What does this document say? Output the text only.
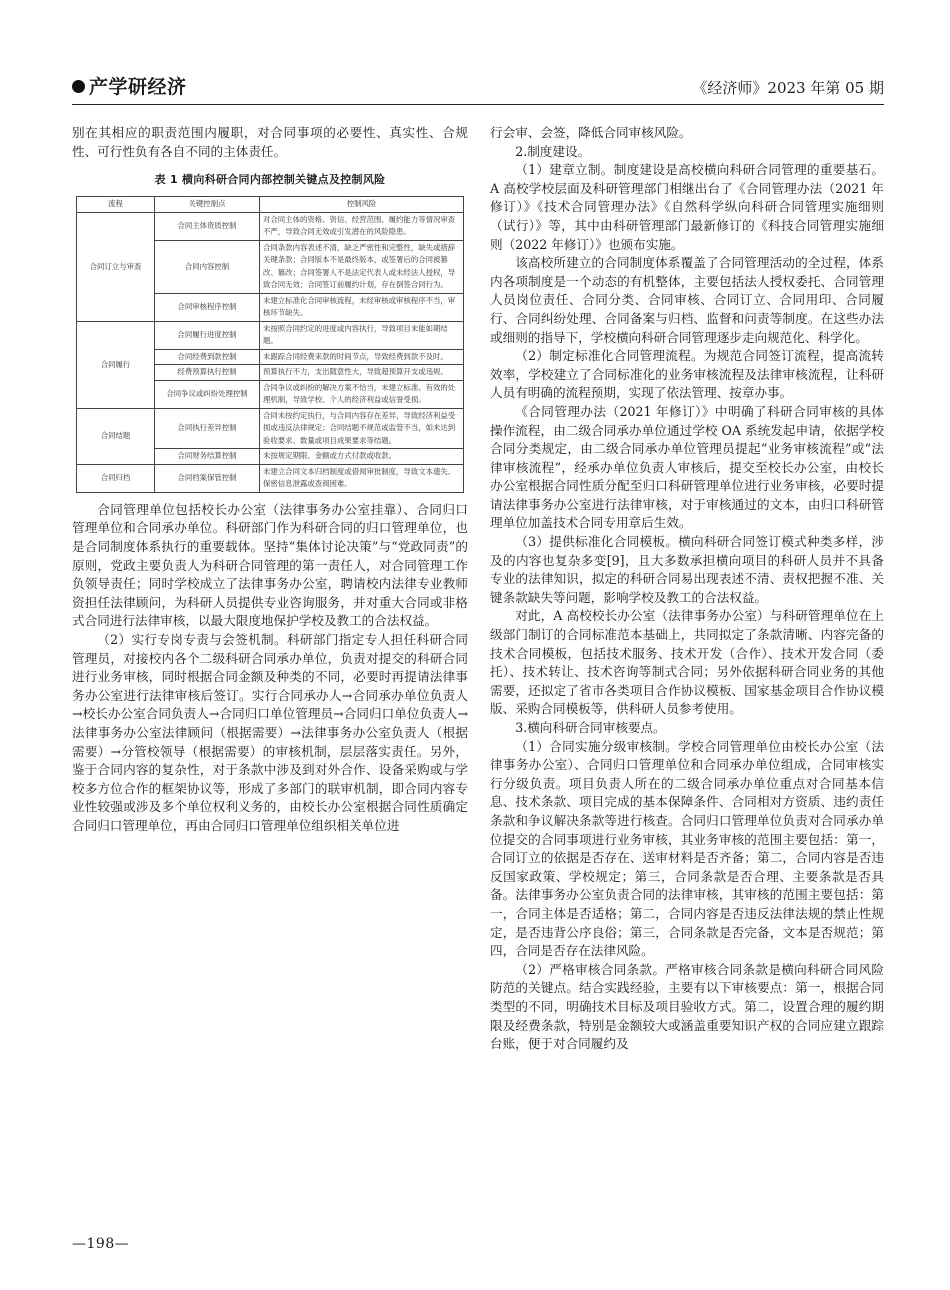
产学研经济	《经济师》2023 年第 05 期

别在其相应的职责范围内履职，对合同事项的必要性、真实性、合规性、可行性负有各自不同的主体责任。

表 1 横向科研合同内部控制关键点及控制风险
流程	关键控制点	控制风险
合同订立与审查	合同主体资质控制	对合同主体的资格、资信、经营范围、履约能力等情况审查不严，导致合同无效或引发潜在的风险隐患。
	合同内容控制	合同条款内容表述不清，缺乏严密性和完整性，缺失或措辞关键条款；合同版本不是最终版本，或签署后的合同被篡改、篡改；合同签署人不是法定代表人或未经法人授权，导致合同无效；合同签订前履约计划，存在倒签合同行为。
	合同审核程序控制	未建立标准化合同审核流程，未经审核或审核程序不当，审核环节缺失。
合同履行	合同履行进度控制	未按照合同约定的进度或内容执行，导致项目未能如期结题。
	合同经费到款控制	未跟踪合同经费来款的时间节点，导致经费到款不及时。
	经费预算执行控制	预算执行不力，支出随意性大，导致超预算开支或违规。
	合同争议或纠纷处理控制	合同争议或纠纷的解决方案不恰当，未建立标准、有效的处理机制，导致学校、个人的经济利益或信誉受损。
合同结题	合同执行差异控制	合同未按约定执行，与合同内容存在差异，导致经济利益受损或违反法律规定；合同结题不规范或监管不当，如未达到验收要求、数量或项目成果要求等结题。
	合同财务结算控制	未按规定期限、金额或方式付款或收款。
合同归档	合同档案保管控制	未建立合同文本归档制度或借阅审批制度，导致文本遗失、保密信息泄露或查阅困难。

合同管理单位包括校长办公室（法律事务办公室挂靠）、合同归口管理单位和合同承办单位。科研部门作为科研合同的归口管理单位，也是合同制度体系执行的重要载体。坚持“集体讨论决策”与“党政同责”的原则，党政主要负责人为科研合同管理的第一责任人，对合同管理工作负领导责任；同时学校成立了法律事务办公室，聘请校内法律专业教师资担任法律顾问，为科研人员提供专业咨询服务，并对重大合同或非格式合同进行法律审核，以最大限度地保护学校及教工的合法权益。

（2）实行专岗专责与会签机制。科研部门指定专人担任科研合同管理员，对接校内各个二级科研合同承办单位，负责对提交的科研合同进行业务审核，同时根据合同金额及种类的不同，必要时再提请法律事务办公室进行法律审核后签订。实行合同承办人→合同承办单位负责人→校长办公室合同负责人→合同归口单位管理员→合同归口单位负责人→法律事务办公室法律顾问（根据需要）→法律事务办公室负责人（根据需要）→分管校领导（根据需要）的审核机制，层层落实责任。另外，鉴于合同内容的复杂性，对于条款中涉及到对外合作、设备采购或与学校多方位合作的框架协议等，形成了多部门的联审机制，即合同内容专业性较强或涉及多个单位权利义务的，由校长办公室根据合同性质确定合同归口管理单位，再由合同归口管理单位组织相关单位进

行会审、会签，降低合同审核风险。

2.制度建设。

（1）建章立制。制度建设是高校横向科研合同管理的重要基石。A 高校学校层面及科研管理部门相继出台了《合同管理办法（2021 年修订）》《技术合同管理办法》《自然科学纵向科研合同管理实施细则（试行）》等，其中由科研管理部门最新修订的《科技合同管理实施细则（2022 年修订）》也颁布实施。

该高校所建立的合同制度体系覆盖了合同管理活动的全过程，体系内各项制度是一个动态的有机整体，主要包括法人授权委托、合同管理人员岗位责任、合同分类、合同审核、合同订立、合同用印、合同履行、合同纠纷处理、合同备案与归档、监督和问责等制度。在这些办法或细则的指导下，学校横向科研合同管理逐步走向规范化、科学化。

（2）制定标准化合同管理流程。为规范合同签订流程，提高流转效率，学校建立了合同标准化的业务审核流程及法律审核流程，让科研人员有明确的流程预期，实现了依法管理、按章办事。

《合同管理办法（2021 年修订）》中明确了科研合同审核的具体操作流程，由二级合同承办单位通过学校 OA 系统发起申请，依据学校合同分类规定，由二级合同承办单位管理员提起“业务审核流程”或“法律审核流程”，经承办单位负责人审核后，提交至校长办公室，由校长办公室根据合同性质分配至归口科研管理单位进行业务审核，必要时提请法律事务办公室进行法律审核，对于审核通过的文本，由归口科研管理单位加盖技术合同专用章后生效。

（3）提供标准化合同模板。横向科研合同签订模式种类多样，涉及的内容也复杂多变[9]，且大多数承担横向项目的科研人员并不具备专业的法律知识，拟定的科研合同易出现表述不清、责权把握不准、关键条款缺失等问题，影响学校及教工的合法权益。

对此，A 高校校长办公室（法律事务办公室）与科研管理单位在上级部门制订的合同标准范本基础上，共同拟定了条款清晰、内容完备的技术合同模板，包括技术服务、技术开发（合作）、技术开发合同（委托）、技术转让、技术咨询等制式合同；另外依据科研合同业务的其他需要，还拟定了省市各类项目合作协议模板、国家基金项目合作协议模版、采购合同模板等，供科研人员参考使用。

3.横向科研合同审核要点。

（1）合同实施分级审核制。学校合同管理单位由校长办公室（法律事务办公室）、合同归口管理单位和合同承办单位组成，合同审核实行分级负责。项目负责人所在的二级合同承办单位重点对合同基本信息、技术条款、项目完成的基本保障条件、合同相对方资质、违约责任条款和争议解决条款等进行核查。合同归口管理单位负责对合同承办单位提交的合同事项进行业务审核，其业务审核的范围主要包括：第一，合同订立的依据是否存在、送审材料是否齐备；第二，合同内容是否违反国家政策、学校规定；第三，合同条款是否合理、主要条款是否具备。法律事务办公室负责合同的法律审核，其审核的范围主要包括：第一，合同主体是否适格；第二，合同内容是否违反法律法规的禁止性规定，是否违背公序良俗；第三，合同条款是否完备，文本是否规范；第四，合同是否存在法律风险。

（2）严格审核合同条款。严格审核合同条款是横向科研合同风险防范的关键点。结合实践经验，主要有以下审核要点：第一，根据合同类型的不同，明确技术目标及项目验收方式。第二，设置合理的履约期限及经费条款，特别是金额较大或涵盖重要知识产权的合同应建立跟踪台账，便于对合同履约及

—198—
